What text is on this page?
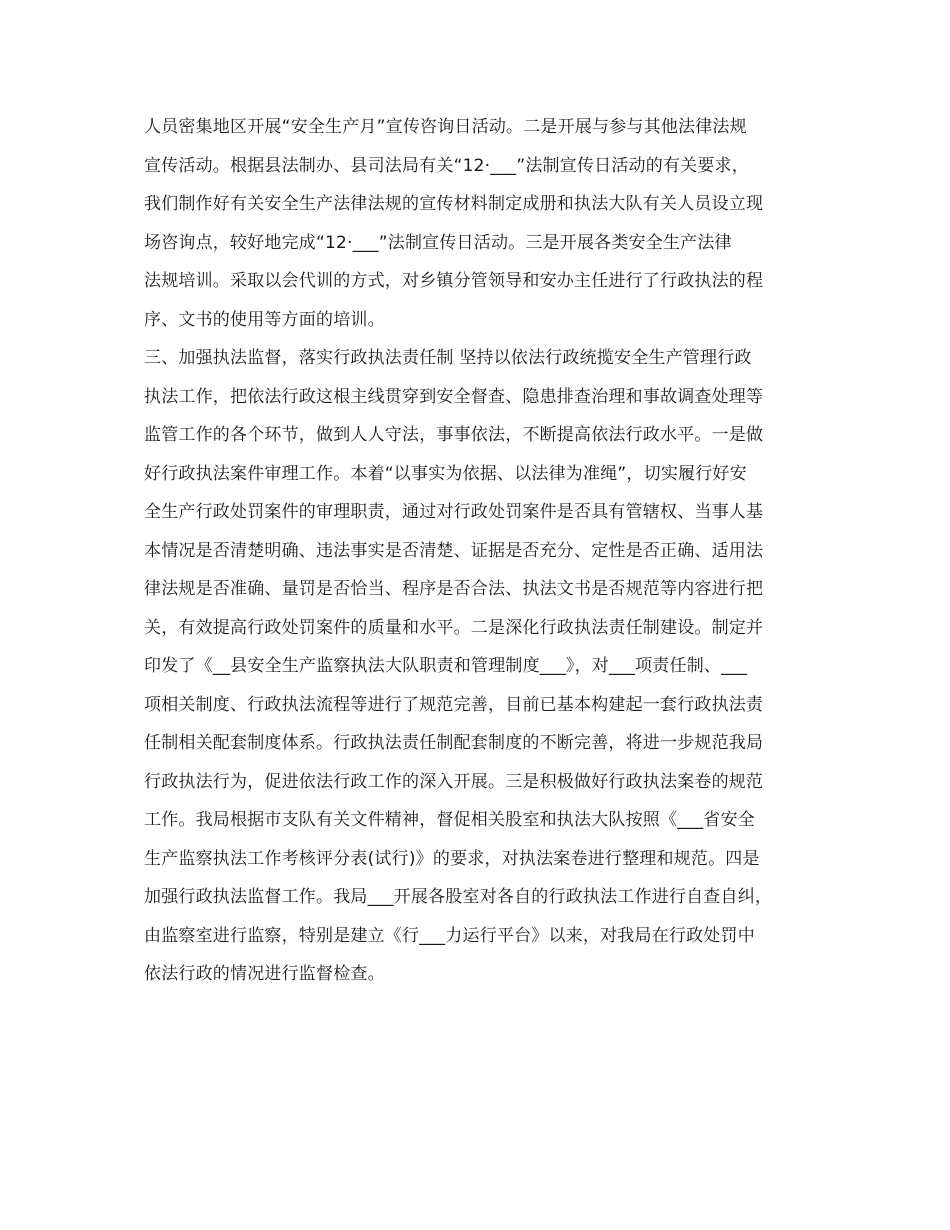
人员密集地区开展“安全生产月”宣传咨询日活动。二是开展与参与其他法律法规
宣传活动。根据县法制办、县司法局有关“12·___”法制宣传日活动的有关要求，
我们制作好有关安全生产法律法规的宣传材料制定成册和执法大队有关人员设立现
场咨询点，较好地完成“12·___”法制宣传日活动。三是开展各类安全生产法律
法规培训。采取以会代训的方式，对乡镇分管领导和安办主任进行了行政执法的程
序、文书的使用等方面的培训。
三、加强执法监督，落实行政执法责任制 坚持以依法行政统揽安全生产管理行政
执法工作，把依法行政这根主线贯穿到安全督查、隐患排查治理和事故调查处理等
监管工作的各个环节，做到人人守法，事事依法，不断提高依法行政水平。一是做
好行政执法案件审理工作。本着“以事实为依据、以法律为准绳”，切实履行好安
全生产行政处罚案件的审理职责，通过对行政处罚案件是否具有管辖权、当事人基
本情况是否清楚明确、违法事实是否清楚、证据是否充分、定性是否正确、适用法
律法规是否准确、量罚是否恰当、程序是否合法、执法文书是否规范等内容进行把
关，有效提高行政处罚案件的质量和水平。二是深化行政执法责任制建设。制定并
印发了《__县安全生产监察执法大队职责和管理制度___》，对___项责任制、___
项相关制度、行政执法流程等进行了规范完善，目前已基本构建起一套行政执法责
任制相关配套制度体系。行政执法责任制配套制度的不断完善，将进一步规范我局
行政执法行为，促进依法行政工作的深入开展。三是积极做好行政执法案卷的规范
工作。我局根据市支队有关文件精神，督促相关股室和执法大队按照《___省安全
生产监察执法工作考核评分表(试行)》的要求，对执法案卷进行整理和规范。四是
加强行政执法监督工作。我局___开展各股室对各自的行政执法工作进行自查自纠，
由监察室进行监察，特别是建立《行___力运行平台》以来，对我局在行政处罚中
依法行政的情况进行监督检查。
